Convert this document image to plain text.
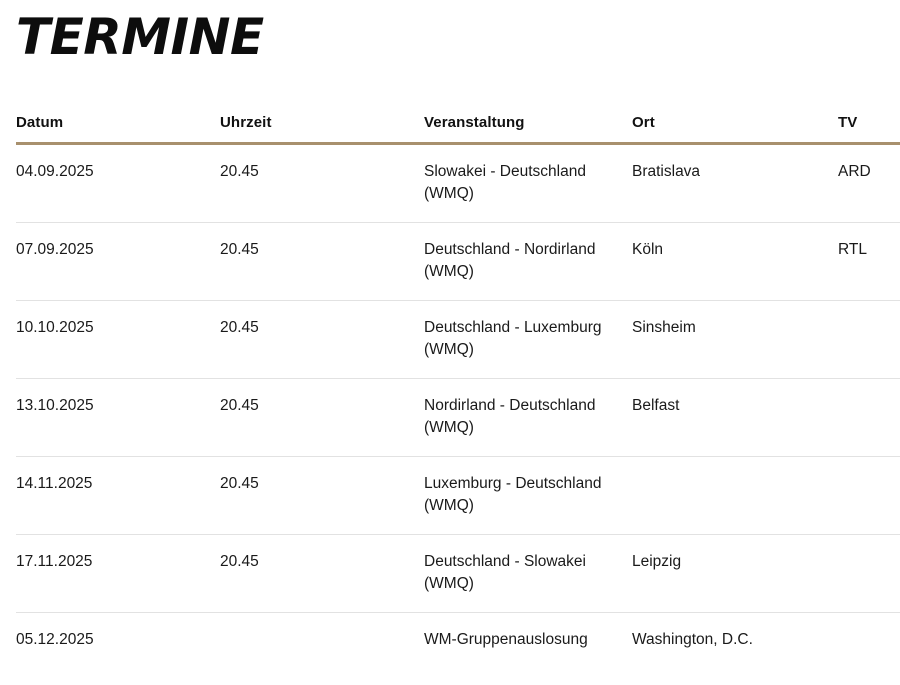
TERMINE
Datum	Uhrzeit	Veranstaltung	Ort	TV
04.09.2025	20.45	Slowakei - Deutschland (WMQ)	Bratislava	ARD
07.09.2025	20.45	Deutschland - Nordirland (WMQ)	Köln	RTL
10.10.2025	20.45	Deutschland - Luxemburg (WMQ)	Sinsheim	
13.10.2025	20.45	Nordirland - Deutschland (WMQ)	Belfast	
14.11.2025	20.45	Luxemburg - Deutschland (WMQ)		
17.11.2025	20.45	Deutschland - Slowakei (WMQ)	Leipzig	
05.12.2025		WM-Gruppenauslosung	Washington, D.C.	
